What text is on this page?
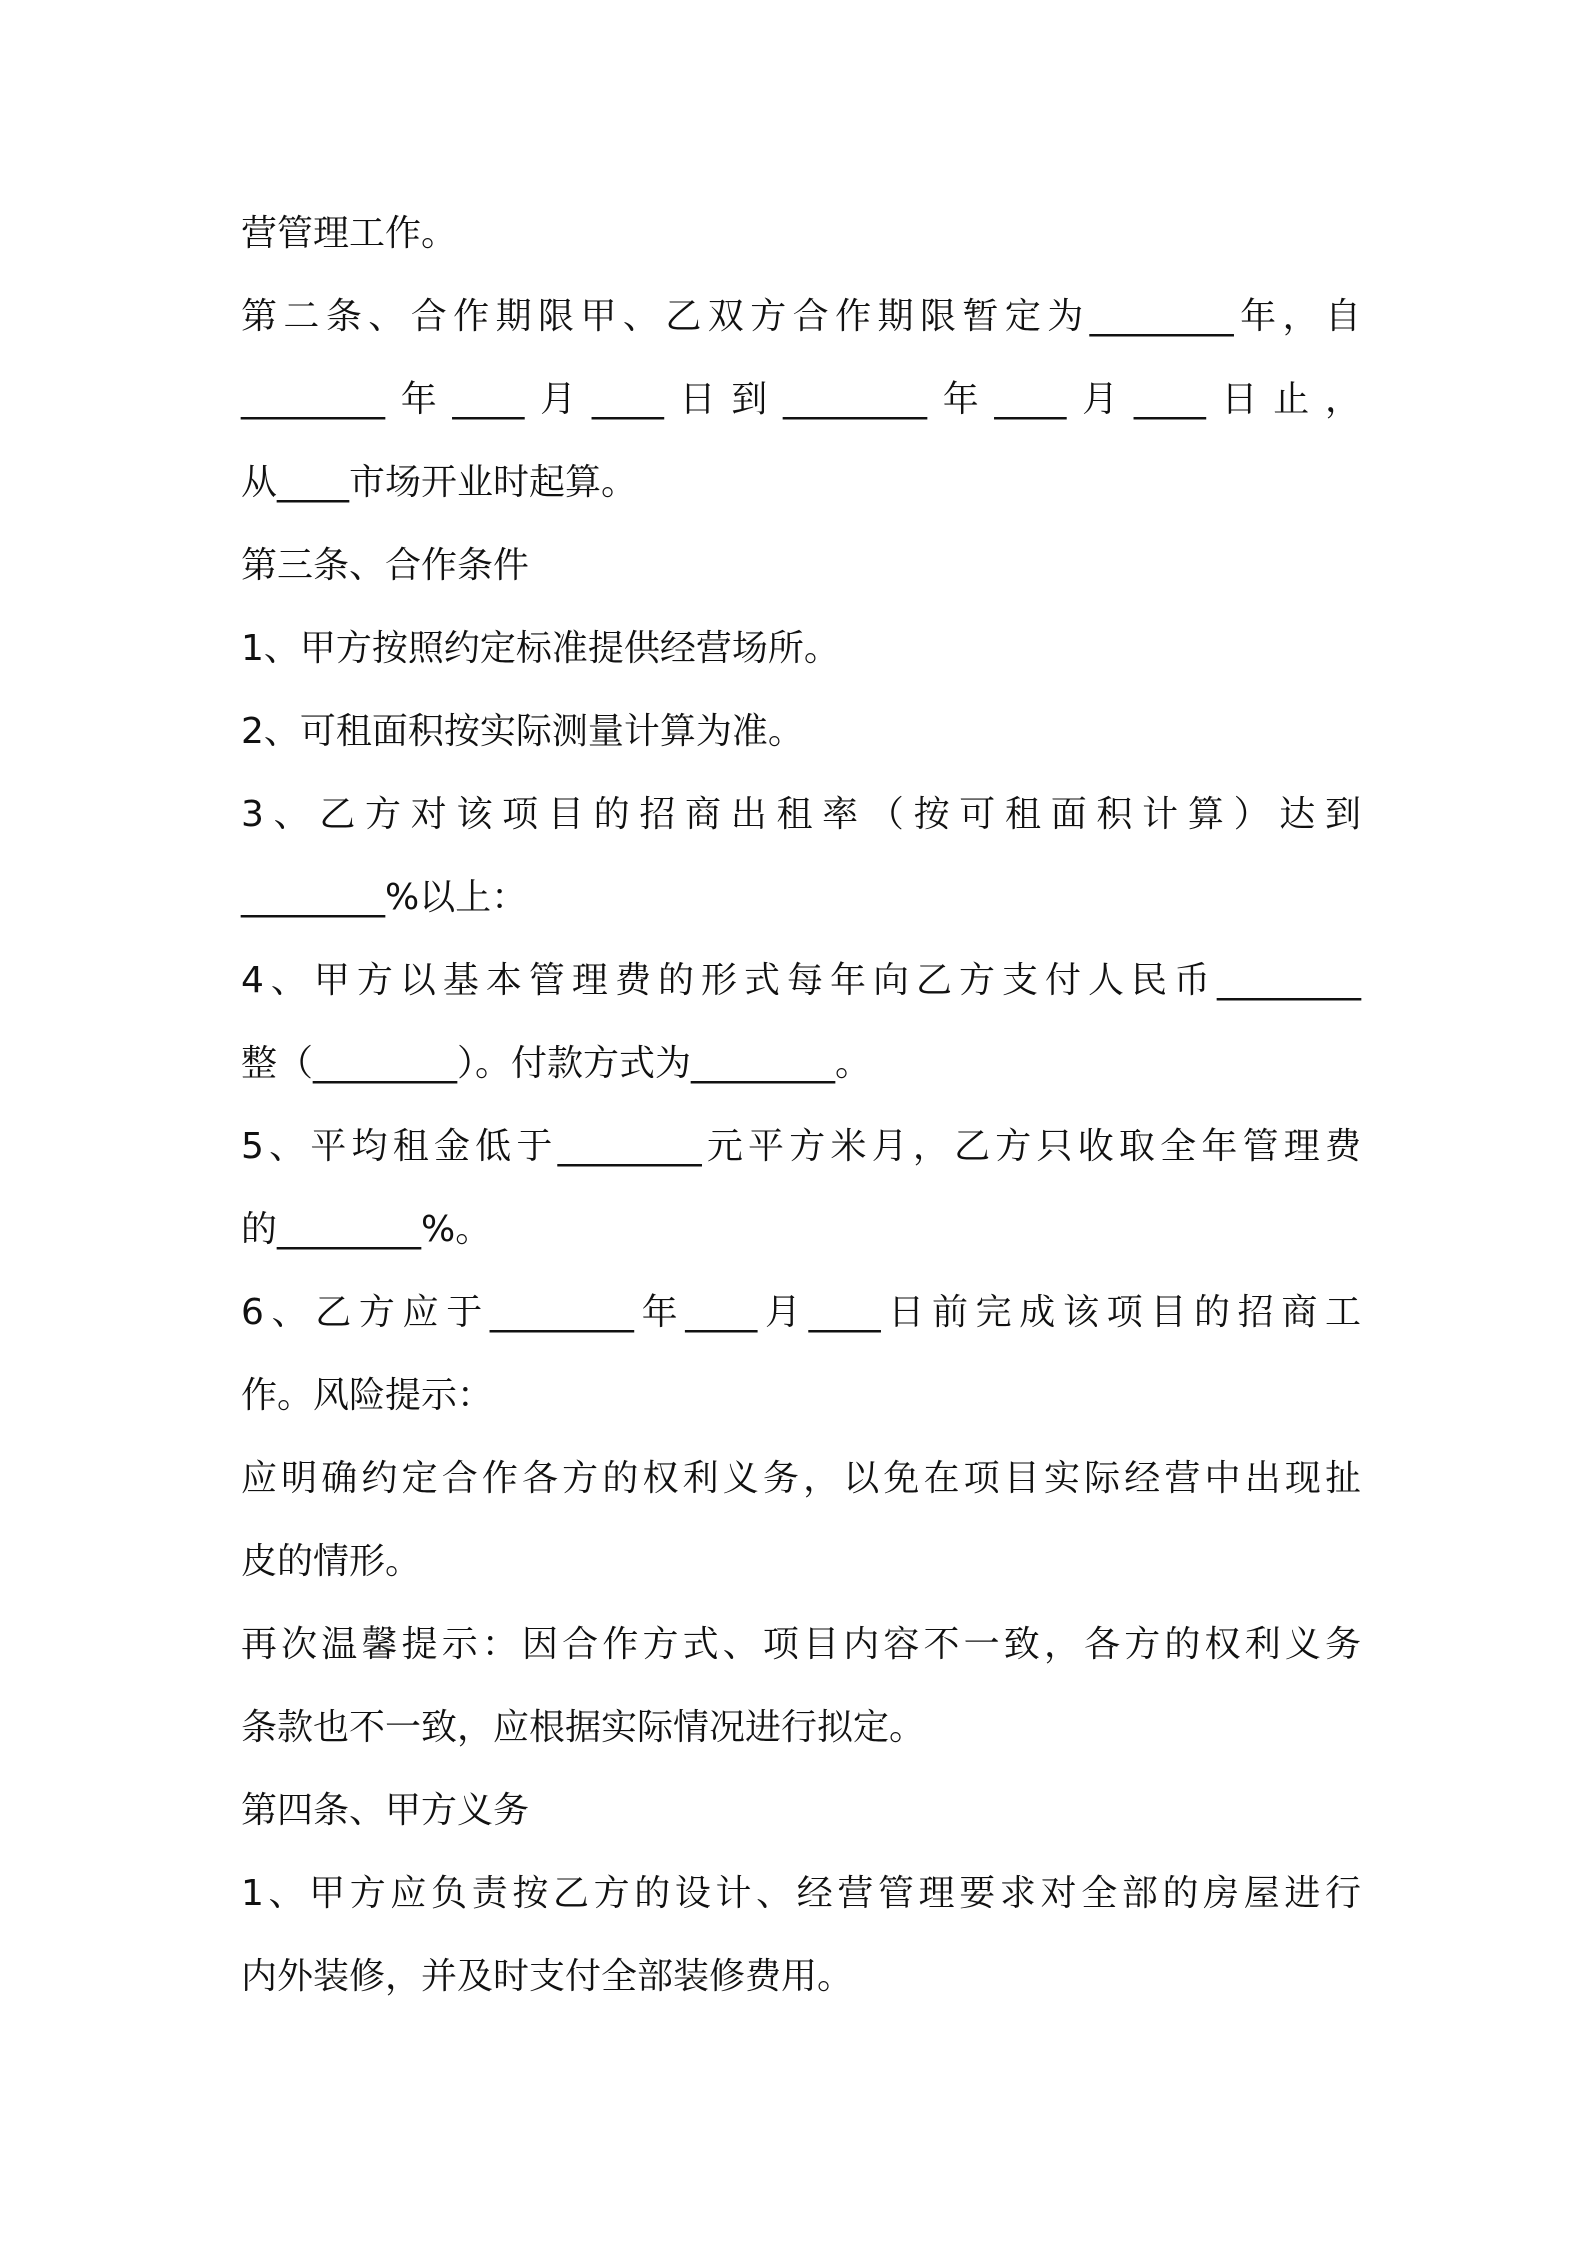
营管理工作。
第二条、合作期限甲、乙双方合作期限暂定为________年，自
________年____月____日到________年____月____日止，
从____市场开业时起算。
第三条、合作条件
1、甲方按照约定标准提供经营场所。
2、可租面积按实际测量计算为准。
3、乙方对该项目的招商出租率（按可租面积计算）达到
________%以上：
4、甲方以基本管理费的形式每年向乙方支付人民币________
整（________）。付款方式为________。
5、平均租金低于________元平方米月，乙方只收取全年管理费
的________%。
6、乙方应于________年____月____日前完成该项目的招商工
作。风险提示：
应明确约定合作各方的权利义务，以免在项目实际经营中出现扯
皮的情形。
再次温馨提示：因合作方式、项目内容不一致，各方的权利义务
条款也不一致，应根据实际情况进行拟定。
第四条、甲方义务
1、甲方应负责按乙方的设计、经营管理要求对全部的房屋进行
内外装修，并及时支付全部装修费用。
